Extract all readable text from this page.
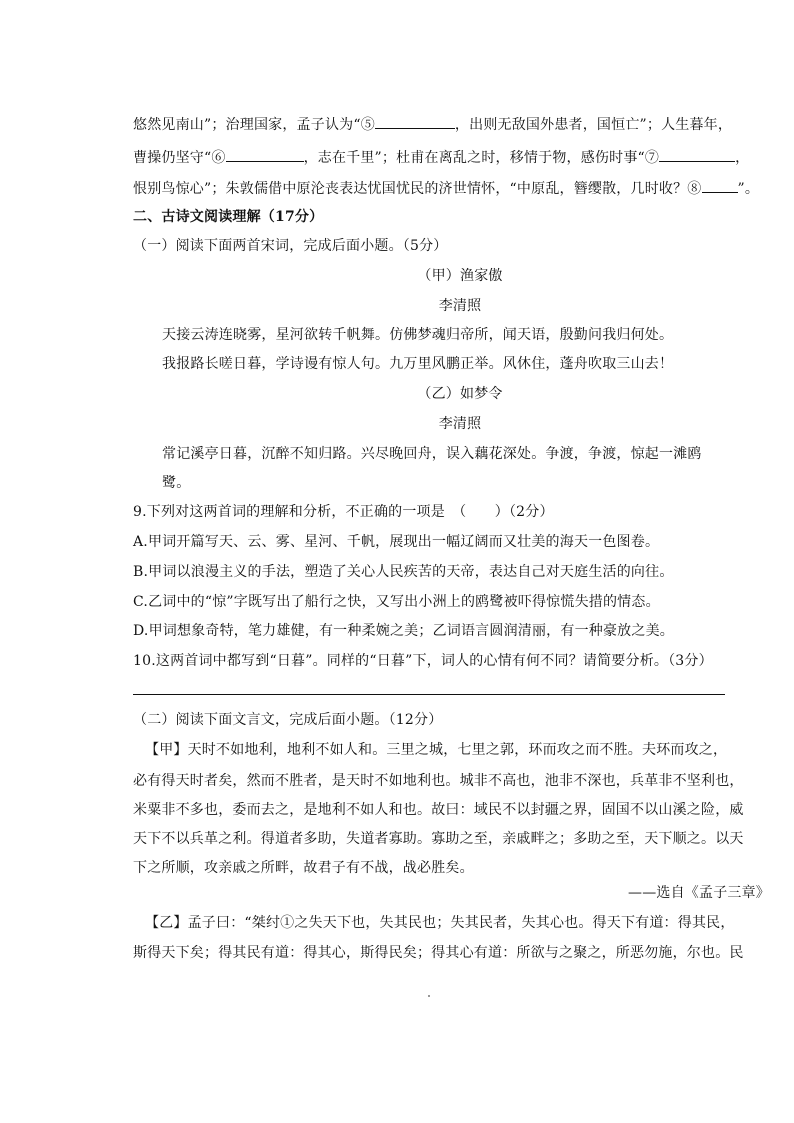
悠然见南山”；治理国家，孟子认为“⑤	，出则无敌国外患者，国恒亡”；人生暮年，
曹操仍坚守“⑥	，志在千里”；杜甫在离乱之时，移情于物，感伤时事“⑦	，
恨别鸟惊心”；朱敦儒借中原沦丧表达忧国忧民的济世情怀，“中原乱，簪缨散，几时收？⑧	”。
二、古诗文阅读理解（17分）
（一）阅读下面两首宋词，完成后面小题。（5分）
（甲）渔家傲
李清照
天接云涛连晓雾，星河欲转千帆舞。仿佛梦魂归帝所，闻天语，殷勤问我归何处。
我报路长嗟日暮，学诗谩有惊人句。九万里风鹏正举。风休住，蓬舟吹取三山去！
（乙）如梦令
李清照
常记溪亭日暮，沉醉不知归路。兴尽晚回舟，误入藕花深处。争渡，争渡，惊起一滩鸥
鹭。
9.下列对这两首词的理解和分析，不正确的一项是　（　　）（2分）
A.甲词开篇写天、云、雾、星河、千帆，展现出一幅辽阔而又壮美的海天一色图卷。
B.甲词以浪漫主义的手法，塑造了关心人民疾苦的天帝，表达自己对天庭生活的向往。
C.乙词中的“惊”字既写出了船行之快，又写出小洲上的鸥鹭被吓得惊慌失措的情态。
D.甲词想象奇特，笔力雄健，有一种柔婉之美；乙词语言圆润清丽，有一种豪放之美。
10.这两首词中都写到“日暮”。同样的“日暮”下，词人的心情有何不同？请简要分析。（3分）
（二）阅读下面文言文，完成后面小题。（12分）
【甲】天时不如地利，地利不如人和。三里之城，七里之郭，环而攻之而不胜。夫环而攻之，
必有得天时者矣，然而不胜者，是天时不如地利也。城非不高也，池非不深也，兵革非不坚利也，
米粟非不多也，委而去之，是地利不如人和也。故曰：域民不以封疆之界，固国不以山溪之险，威
天下不以兵革之利。得道者多助，失道者寡助。寡助之至，亲戚畔之；多助之至，天下顺之。以天
下之所顺，攻亲戚之所畔，故君子有不战，战必胜矣。
——选自《孟子三章》
【乙】孟子曰：“桀纣①之失天下也，失其民也；失其民者，失其心也。得天下有道：得其民，
斯得天下矣；得其民有道：得其心，斯得民矣；得其心有道：所欲与之聚之，所恶勿施，尔也。民
